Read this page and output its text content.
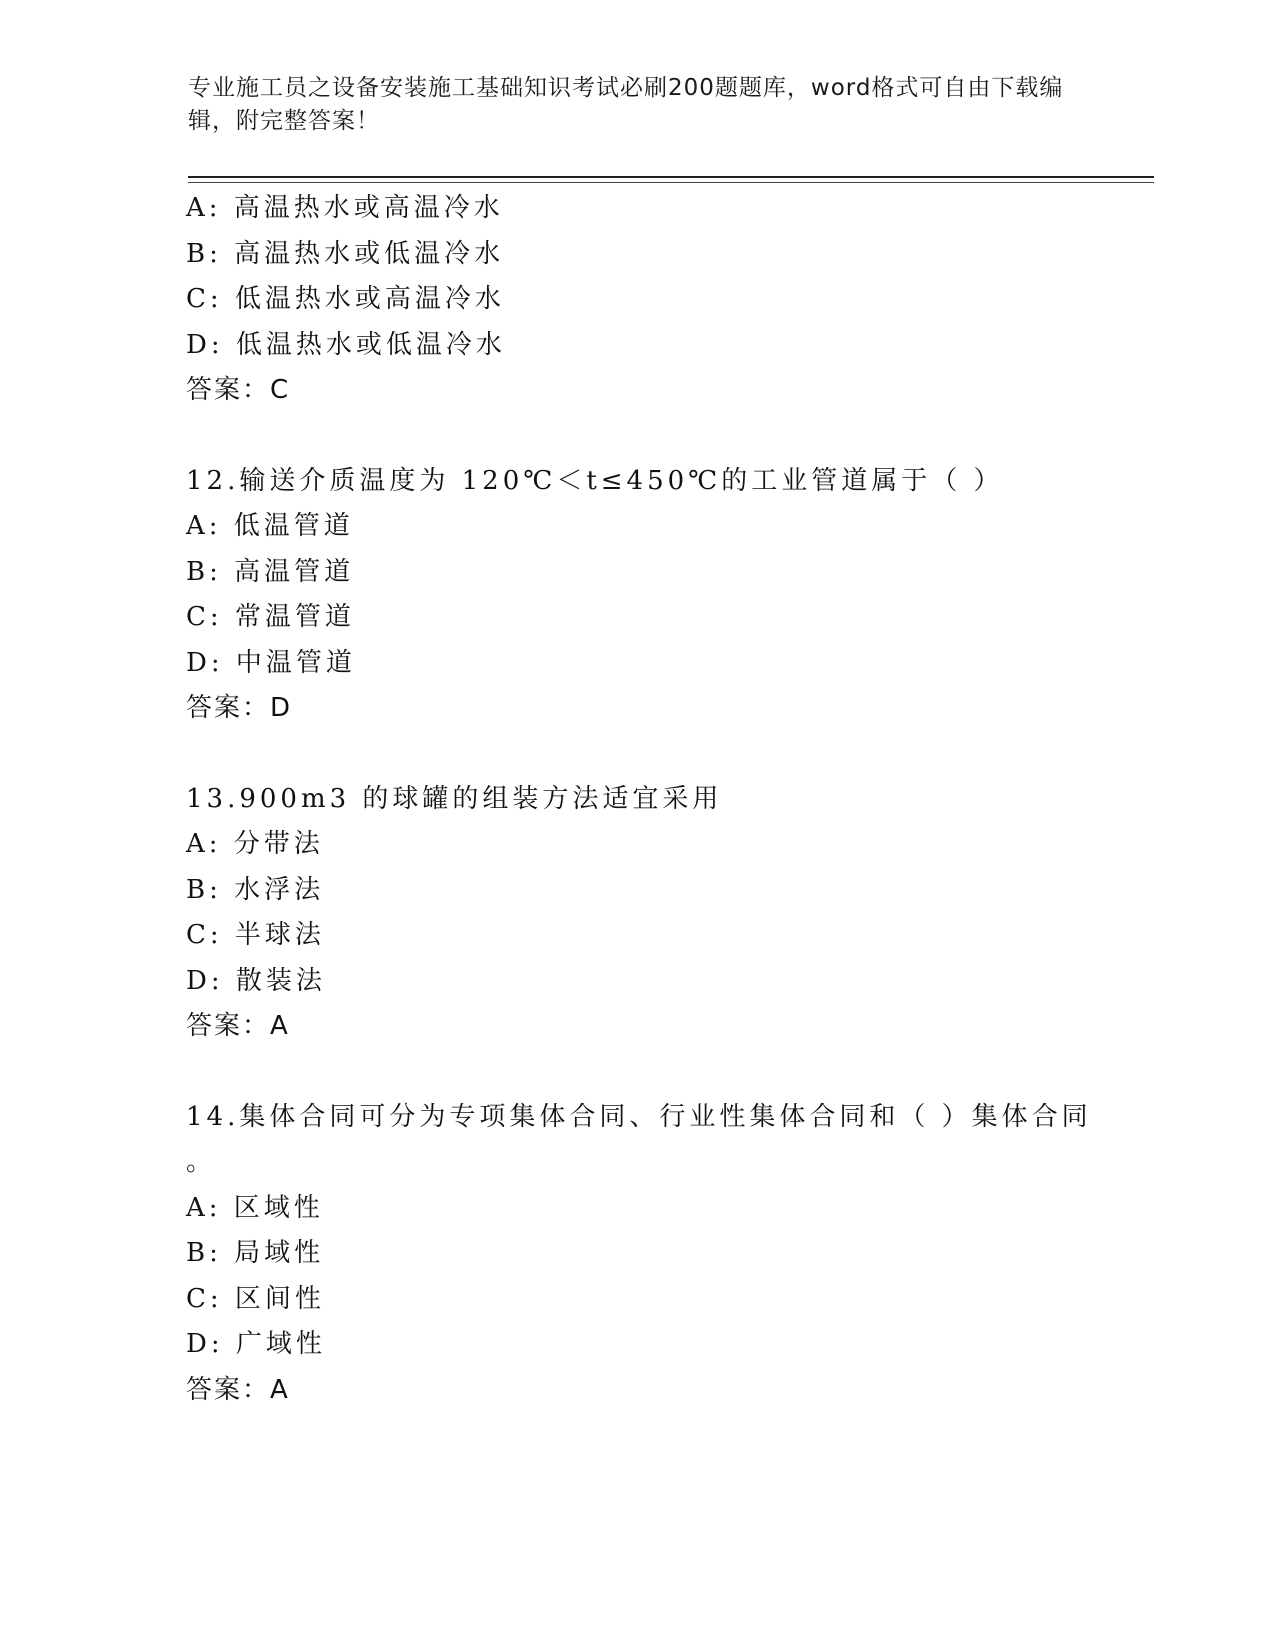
专业施工员之设备安装施工基础知识考试必刷200题题库，word格式可自由下载编辑，附完整答案！
A: 高温热水或高温冷水
B: 高温热水或低温冷水
C: 低温热水或高温冷水
D: 低温热水或低温冷水
答案：C
12.输送介质温度为 120℃＜t≤450℃的工业管道属于（ ）
A: 低温管道
B: 高温管道
C: 常温管道
D: 中温管道
答案：D
13.900m3 的球罐的组装方法适宜采用
A: 分带法
B: 水浮法
C: 半球法
D: 散装法
答案：A
14.集体合同可分为专项集体合同、行业性集体合同和（ ）集体合同
。
A: 区域性
B: 局域性
C: 区间性
D: 广域性
答案：A
